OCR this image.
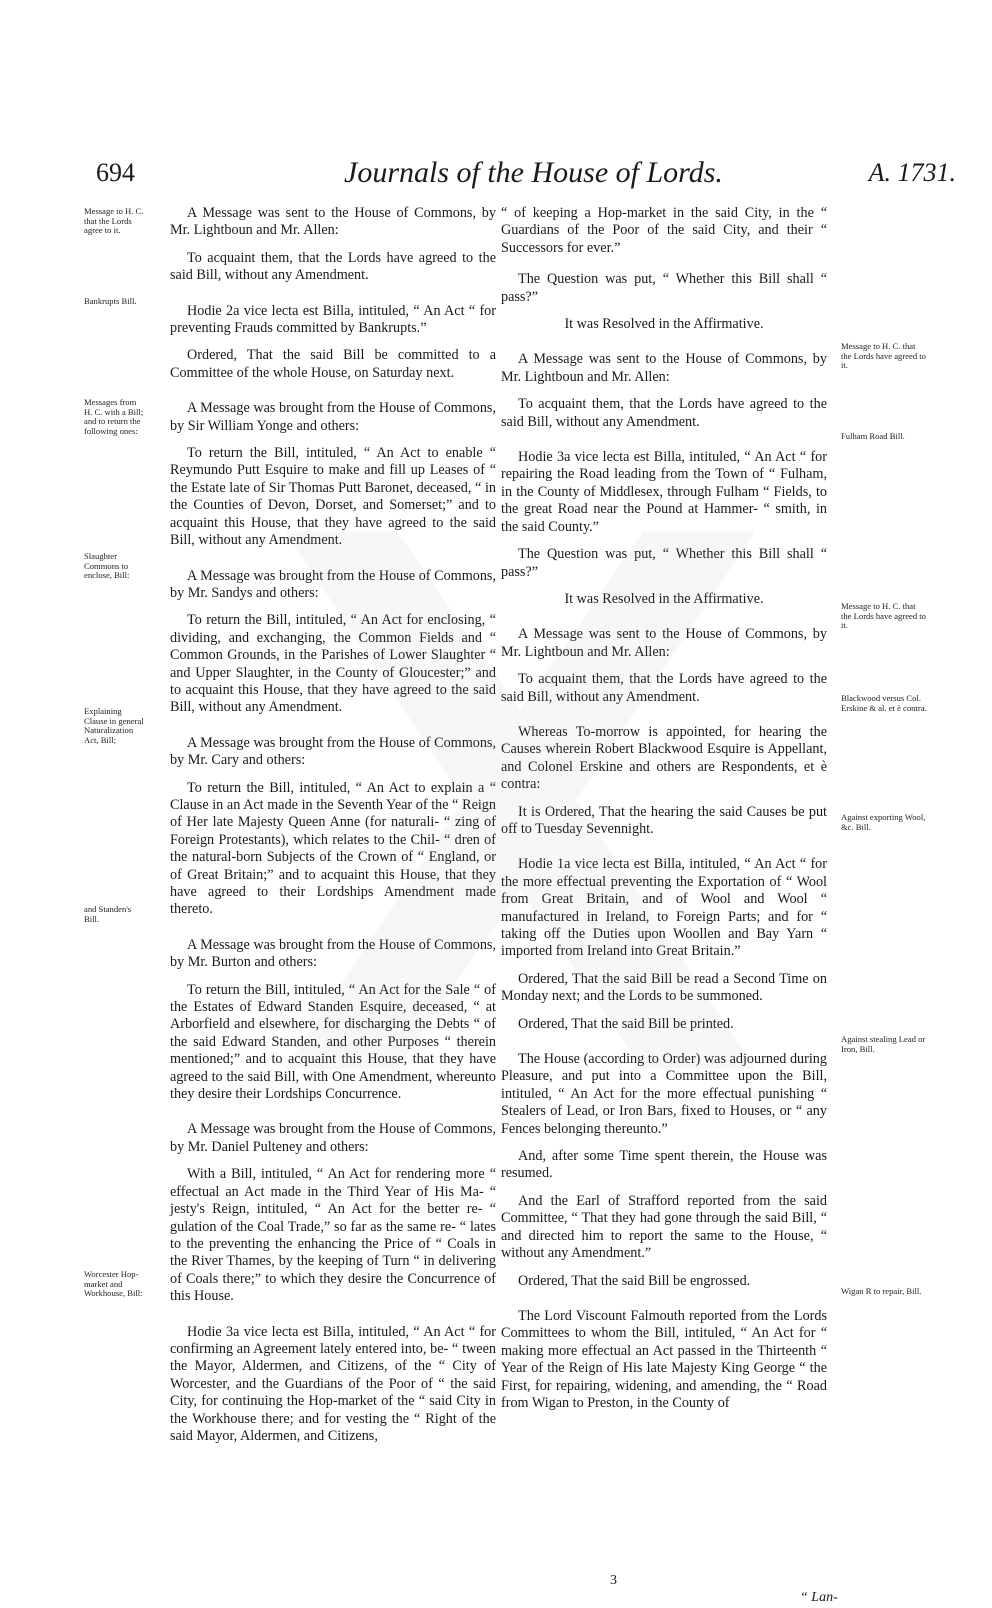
694	Journals of the House of Lords.	A. 1731.
Message to H. C. that the Lords agree to it.
Bankrupts Bill.
Messages from H. C. with a Bill; and to return the following ones:
Slaughter Commons to enclose, Bill:
Explaining Clause in general Naturalization Act, Bill;
and Standen's Bill.
Worcester Hop-market and Workhouse, Bill:
Message to H. C. that the Lords have agreed to it.
Fulham Road Bill.
Message to H. C. that the Lords have agreed to it.
Blackwood versus Col. Erskine & al. et è contra.
Against exporting Wool, &c. Bill.
Against stealing Lead or Iron, Bill.
Wigan R to repair, Bill.

A Message was sent to the House of Commons, by Mr. Lightboun and Mr. Allen:

To acquaint them, that the Lords have agreed to the said Bill, without any Amendment.

Hodie 2a vice lecta est Billa, intituled, “ An Act “ for preventing Frauds committed by Bankrupts.”

Ordered, That the said Bill be committed to a Committee of the whole House, on Saturday next.

A Message was brought from the House of Commons, by Sir William Yonge and others:

To return the Bill, intituled, “ An Act to enable “ Reymundo Putt Esquire to make and fill up Leases of “ the Estate late of Sir Thomas Putt Baronet, deceased, “ in the Counties of Devon, Dorset, and Somerset;” and to acquaint this House, that they have agreed to the said Bill, without any Amendment.

A Message was brought from the House of Commons, by Mr. Sandys and others:

To return the Bill, intituled, “ An Act for enclosing, “ dividing, and exchanging, the Common Fields and “ Common Grounds, in the Parishes of Lower Slaughter “ and Upper Slaughter, in the County of Gloucester;” and to acquaint this House, that they have agreed to the said Bill, without any Amendment.

A Message was brought from the House of Commons, by Mr. Cary and others:

To return the Bill, intituled, “ An Act to explain a “ Clause in an Act made in the Seventh Year of the “ Reign of Her late Majesty Queen Anne (for naturali- “ zing of Foreign Protestants), which relates to the Chil- “ dren of the natural-born Subjects of the Crown of “ England, or of Great Britain;” and to acquaint this House, that they have agreed to their Lordships Amendment made thereto.

A Message was brought from the House of Commons, by Mr. Burton and others:

To return the Bill, intituled, “ An Act for the Sale “ of the Estates of Edward Standen Esquire, deceased, “ at Arborfield and elsewhere, for discharging the Debts “ of the said Edward Standen, and other Purposes “ therein mentioned;” and to acquaint this House, that they have agreed to the said Bill, with One Amendment, whereunto they desire their Lordships Concurrence.

A Message was brought from the House of Commons, by Mr. Daniel Pulteney and others:

With a Bill, intituled, “ An Act for rendering more “ effectual an Act made in the Third Year of His Ma- “ jesty's Reign, intituled, “ An Act for the better re- “ gulation of the Coal Trade,” so far as the same re- “ lates to the preventing the enhancing the Price of “ Coals in the River Thames, by the keeping of Turn “ in delivering of Coals there;” to which they desire the Concurrence of this House.

Hodie 3a vice lecta est Billa, intituled, “ An Act “ for confirming an Agreement lately entered into, be- “ tween the Mayor, Aldermen, and Citizens, of the “ City of Worcester, and the Guardians of the Poor of “ the said City, for continuing the Hop-market of the “ said City in the Workhouse there; and for vesting the “ Right of the said Mayor, Aldermen, and Citizens,

“ of keeping a Hop-market in the said City, in the “ Guardians of the Poor of the said City, and their “ Successors for ever.”

The Question was put, “ Whether this Bill shall “ pass?”

It was Resolved in the Affirmative.

A Message was sent to the House of Commons, by Mr. Lightboun and Mr. Allen:

To acquaint them, that the Lords have agreed to the said Bill, without any Amendment.

Hodie 3a vice lecta est Billa, intituled, “ An Act “ for repairing the Road leading from the Town of “ Fulham, in the County of Middlesex, through Fulham “ Fields, to the great Road near the Pound at Hammer- “ smith, in the said County.”

The Question was put, “ Whether this Bill shall “ pass?”

It was Resolved in the Affirmative.

A Message was sent to the House of Commons, by Mr. Lightboun and Mr. Allen:

To acquaint them, that the Lords have agreed to the said Bill, without any Amendment.

Whereas To-morrow is appointed, for hearing the Causes wherein Robert Blackwood Esquire is Appellant, and Colonel Erskine and others are Respondents, et è contra:

It is Ordered, That the hearing the said Causes be put off to Tuesday Sevennight.

Hodie 1a vice lecta est Billa, intituled, “ An Act “ for the more effectual preventing the Exportation of “ Wool from Great Britain, and of Wool and Wool “ manufactured in Ireland, to Foreign Parts; and for “ taking off the Duties upon Woollen and Bay Yarn “ imported from Ireland into Great Britain.”

Ordered, That the said Bill be read a Second Time on Monday next; and the Lords to be summoned.

Ordered, That the said Bill be printed.

The House (according to Order) was adjourned during Pleasure, and put into a Committee upon the Bill, intituled, “ An Act for the more effectual punishing “ Stealers of Lead, or Iron Bars, fixed to Houses, or “ any Fences belonging thereunto.”

And, after some Time spent therein, the House was resumed.

And the Earl of Strafford reported from the said Committee, “ That they had gone through the said Bill, “ and directed him to report the same to the House, “ without any Amendment.”

Ordered, That the said Bill be engrossed.

The Lord Viscount Falmouth reported from the Lords Committees to whom the Bill, intituled, “ An Act for “ making more effectual an Act passed in the Thirteenth “ Year of the Reign of His late Majesty King George “ the First, for repairing, widening, and amending, the “ Road from Wigan to Preston, in the County of

3
“ Lan-
